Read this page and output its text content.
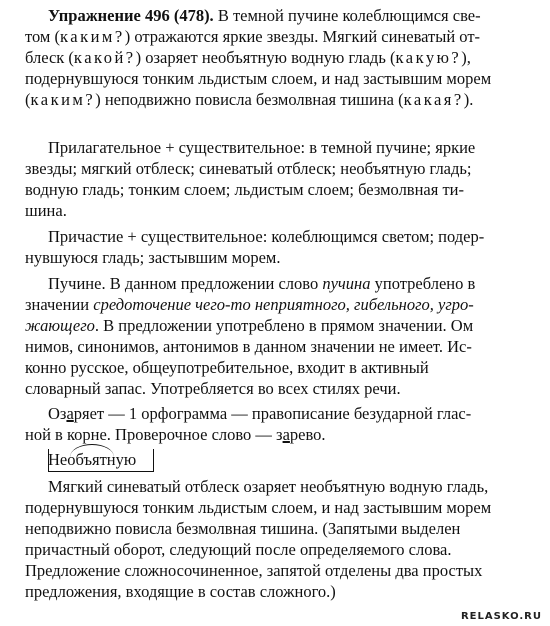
Упражнение 496 (478). В темной пучине колеблющимся све-

том (каким?) отражаются яркие звезды. Мягкий синеватый от-

блеск (какой?) озаряет необъятную водную гладь (какую?),

подернувшуюся тонким льдистым слоем, и над застывшим морем

(каким?) неподвижно повисла безмолвная тишина (какая?).

Прилагательное + существительное: в темной пучине; яркие

звезды; мягкий отблеск; синеватый отблеск; необъятную гладь;

водную гладь; тонким слоем; льдистым слоем; безмолвная ти-

шина.

Причастие + существительное: колеблющимся светом; подер-

нувшуюся гладь; застывшим морем.

Пучине. В данном предложении слово пучина употреблено в

значении средоточение чего-то неприятного, гибельного, угро-

жающего. В предложении употреблено в прямом значении. Ом

нимов, синонимов, антонимов в данном значении не имеет. Ис-

конно русское, общеупотребительное, входит в активный

словарный запас. Употребляется во всех стилях речи.

Озаряет — 1 орфограмма — правописание безударной глас-

ной в корне. Проверочное слово — зарево.

Необъятную

Мягкий синеватый отблеск озаряет необъятную водную гладь,

подернувшуюся тонким льдистым слоем, и над застывшим морем

неподвижно повисла безмолвная тишина. (Запятыми выделен

причастный оборот, следующий после определяемого слова.

Предложение сложносочиненное, запятой отделены два простых

предложения, входящие в состав сложного.)

RELASKO.RU
